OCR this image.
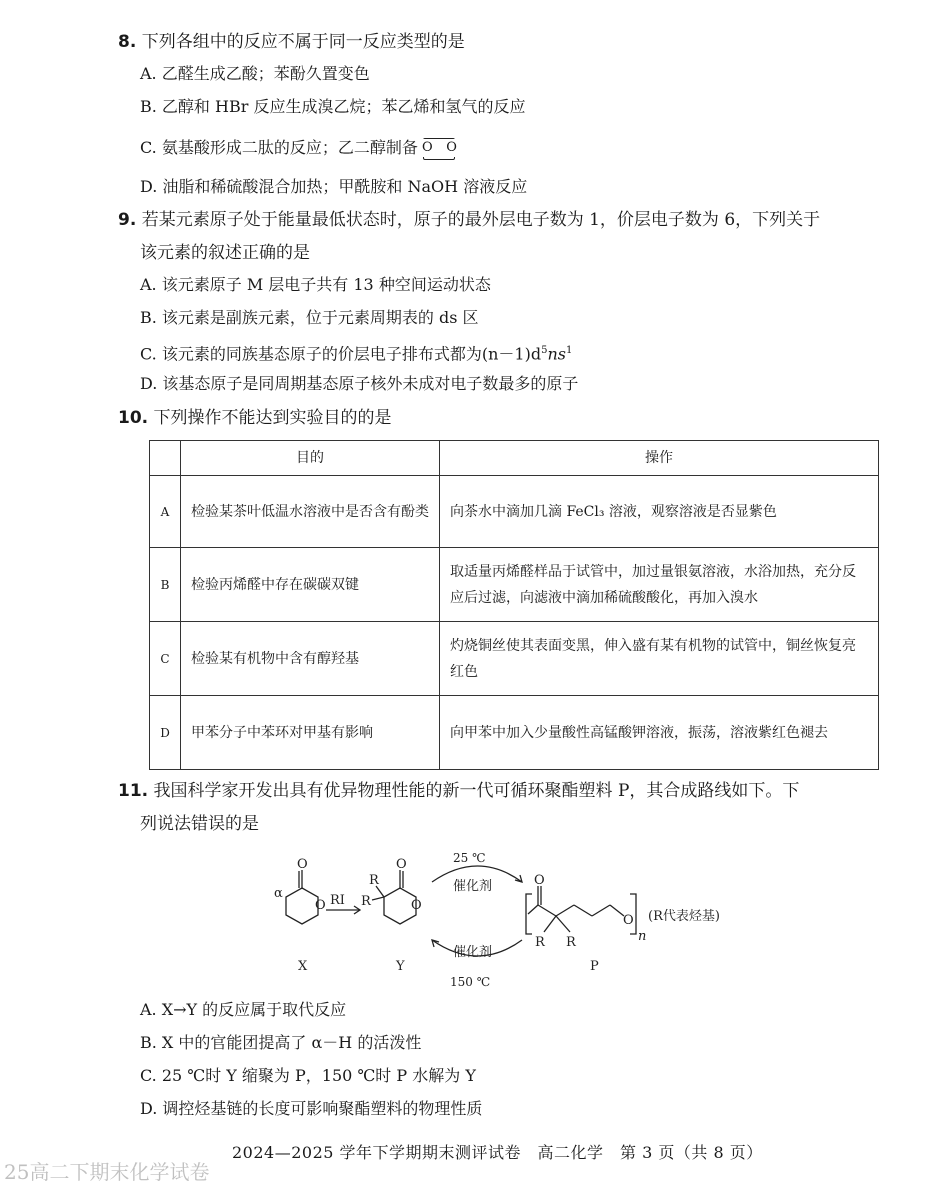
8. 下列各组中的反应不属于同一反应类型的是
A. 乙醛生成乙酸；苯酚久置变色
B. 乙醇和 HBr 反应生成溴乙烷；苯乙烯和氢气的反应
C. 氨基酸形成二肽的反应；乙二醇制备 O O
D. 油脂和稀硫酸混合加热；甲酰胺和 NaOH 溶液反应
9. 若某元素原子处于能量最低状态时，原子的最外层电子数为 1，价层电子数为 6，下列关于
该元素的叙述正确的是
A. 该元素原子 M 层电子共有 13 种空间运动状态
B. 该元素是副族元素，位于元素周期表的 ds 区
C. 该元素的同族基态原子的价层电子排布式都为$(n-1)d^5ns^1$
D. 该基态原子是同周期基态原子核外未成对电子数最多的原子
10. 下列操作不能达到实验目的的是
	目的	操作
A	检验某茶叶低温水溶液中是否含有酚类	向茶水中滴加几滴 FeCl₃ 溶液，观察溶液是否显紫色
B	检验丙烯醛中存在碳碳双键	取适量丙烯醛样品于试管中，加过量银氨溶液，水浴加热，充分反应后过滤，向滤液中滴加稀硫酸酸化，再加入溴水
C	检验某有机物中含有醇羟基	灼烧铜丝使其表面变黑，伸入盛有某有机物的试管中，铜丝恢复亮红色
D	甲苯分子中苯环对甲基有影响	向甲苯中加入少量酸性高锰酸钾溶液，振荡，溶液紫红色褪去
11. 我国科学家开发出具有优异物理性能的新一代可循环聚酯塑料 P，其合成路线如下。下
列说法错误的是
O
O
α	RI
O
O
R
R
25 ℃
催化剂
催化剂
150 ℃
O
R R
O
n
(R代表烃基)
X	Y	P
A. X→Y 的反应属于取代反应
B. X 中的官能团提高了 α－H 的活泼性
C. 25 ℃时 Y 缩聚为 P，150 ℃时 P 水解为 Y
D. 调控烃基链的长度可影响聚酯塑料的物理性质
2024—2025 学年下学期期末测评试卷　高二化学　第 3 页（共 8 页）
25高二下期末化学试卷
